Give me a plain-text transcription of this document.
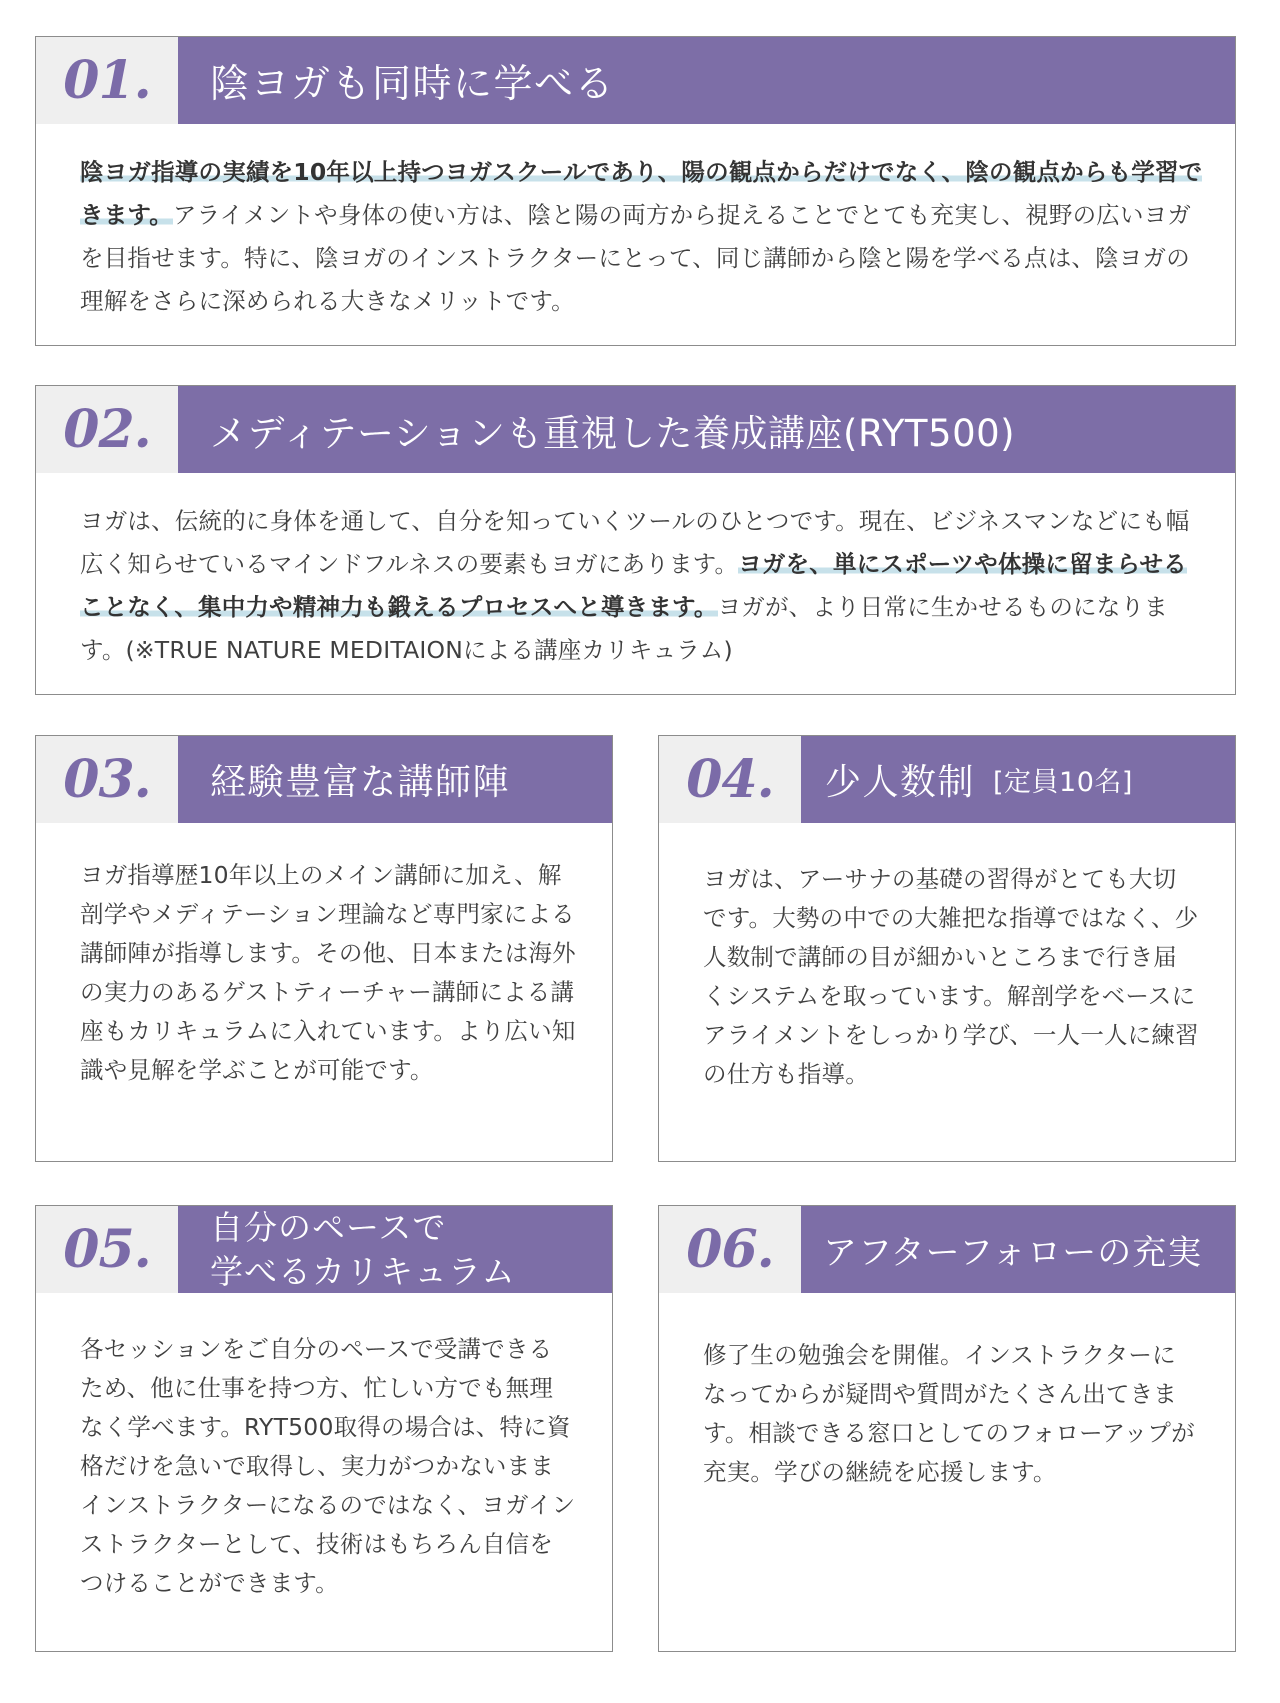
01. 陰ヨガも同時に学べる
陰ヨガ指導の実績を10年以上持つヨガスクールであり、陽の観点からだけでなく、陰の観点からも学習できます。アライメントや身体の使い方は、陰と陽の両方から捉えることでとても充実し、視野の広いヨガを目指せます。特に、陰ヨガのインストラクターにとって、同じ講師から陰と陽を学べる点は、陰ヨガの理解をさらに深められる大きなメリットです。
02. メディテーションも重視した養成講座(RYT500)
ヨガは、伝統的に身体を通して、自分を知っていくツールのひとつです。現在、ビジネスマンなどにも幅広く知らせているマインドフルネスの要素もヨガにあります。ヨガを、単にスポーツや体操に留まらせることなく、集中力や精神力も鍛えるプロセスへと導きます。ヨガが、より日常に生かせるものになります。(※TRUE NATURE MEDITAIONによる講座カリキュラム)
03. 経験豊富な講師陣
ヨガ指導歴10年以上のメイン講師に加え、解剖学やメディテーション理論など専門家による講師陣が指導します。その他、日本または海外の実力のあるゲストティーチャー講師による講座もカリキュラムに入れています。より広い知識や見解を学ぶことが可能です。
04. 少人数制 [定員10名]
ヨガは、アーサナの基礎の習得がとても大切です。大勢の中での大雑把な指導ではなく、少人数制で講師の目が細かいところまで行き届くシステムを取っています。解剖学をベースにアライメントをしっかり学び、一人一人に練習の仕方も指導。
05. 自分のペースで
学べるカリキュラム
各セッションをご自分のペースで受講できるため、他に仕事を持つ方、忙しい方でも無理なく学べます。RYT500取得の場合は、特に資格だけを急いで取得し、実力がつかないままインストラクターになるのではなく、ヨガインストラクターとして、技術はもちろん自信をつけることができます。
06. アフターフォローの充実
修了生の勉強会を開催。インストラクターになってからが疑問や質問がたくさん出てきます。相談できる窓口としてのフォローアップが充実。学びの継続を応援します。
